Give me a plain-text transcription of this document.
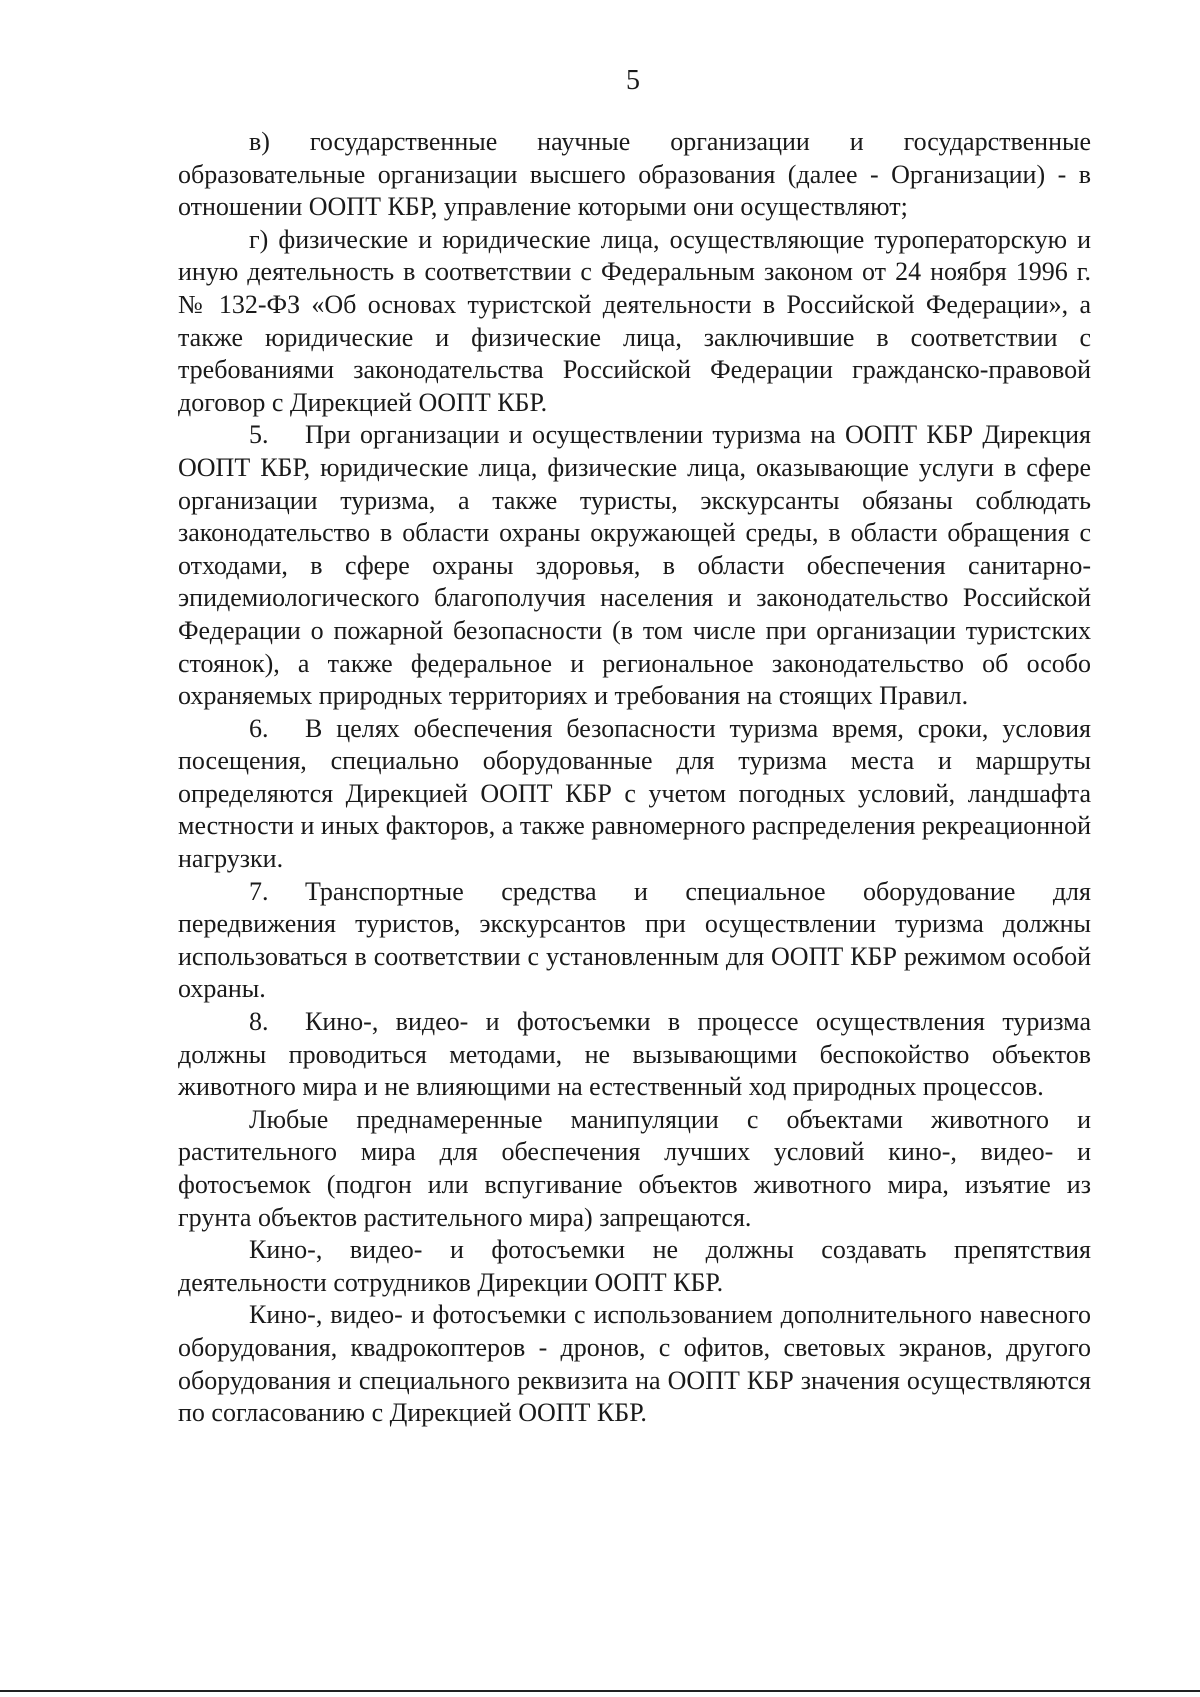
5

в) государственные научные организации и государственные образовательные организации высшего образования (далее - Организации) - в отношении ООПТ КБР, управление которыми они осуществляют;

г) физические и юридические лица, осуществляющие туроператорскую и иную деятельность в соответствии с Федеральным законом от 24 ноября 1996 г. № 132-ФЗ «Об основах туристской деятельности в Российской Федерации», а также юридические и физические лица, заключившие в соответствии с требованиями законодательства Российской Федерации гражданско-правовой договор с Дирекцией ООПТ КБР.

5. При организации и осуществлении туризма на ООПТ КБР Дирекция ООПТ КБР, юридические лица, физические лица, оказывающие услуги в сфере организации туризма, а также туристы, экскурсанты обязаны соблюдать законодательство в области охраны окружающей среды, в области обращения с отходами, в сфере охраны здоровья, в области обеспечения санитарно-эпидемиологического благополучия населения и законодательство Российской Федерации о пожарной безопасности (в том числе при организации туристских стоянок), а также федеральное и региональное законодательство об особо охраняемых природных территориях и требования на стоящих Правил.

6. В целях обеспечения безопасности туризма время, сроки, условия посещения, специально оборудованные для туризма места и маршруты определяются Дирекцией ООПТ КБР с учетом погодных условий, ландшафта местности и иных факторов, а также равномерного распределения рекреационной нагрузки.

7. Транспортные средства и специальное оборудование для передвижения туристов, экскурсантов при осуществлении туризма должны использоваться в соответствии с установленным для ООПТ КБР режимом особой охраны.

8. Кино-, видео- и фотосъемки в процессе осуществления туризма должны проводиться методами, не вызывающими беспокойство объектов животного мира и не влияющими на естественный ход природных процессов.

Любые преднамеренные манипуляции с объектами животного и растительного мира для обеспечения лучших условий кино-, видео- и фотосъемок (подгон или вспугивание объектов животного мира, изъятие из грунта объектов растительного мира) запрещаются.

Кино-, видео- и фотосъемки не должны создавать препятствия деятельности сотрудников Дирекции ООПТ КБР.

Кино-, видео- и фотосъемки с использованием дополнительного навесного оборудования, квадрокоптеров - дронов, с офитов, световых экранов, другого оборудования и специального реквизита на ООПТ КБР значения осуществляются по согласованию с Дирекцией ООПТ КБР.
